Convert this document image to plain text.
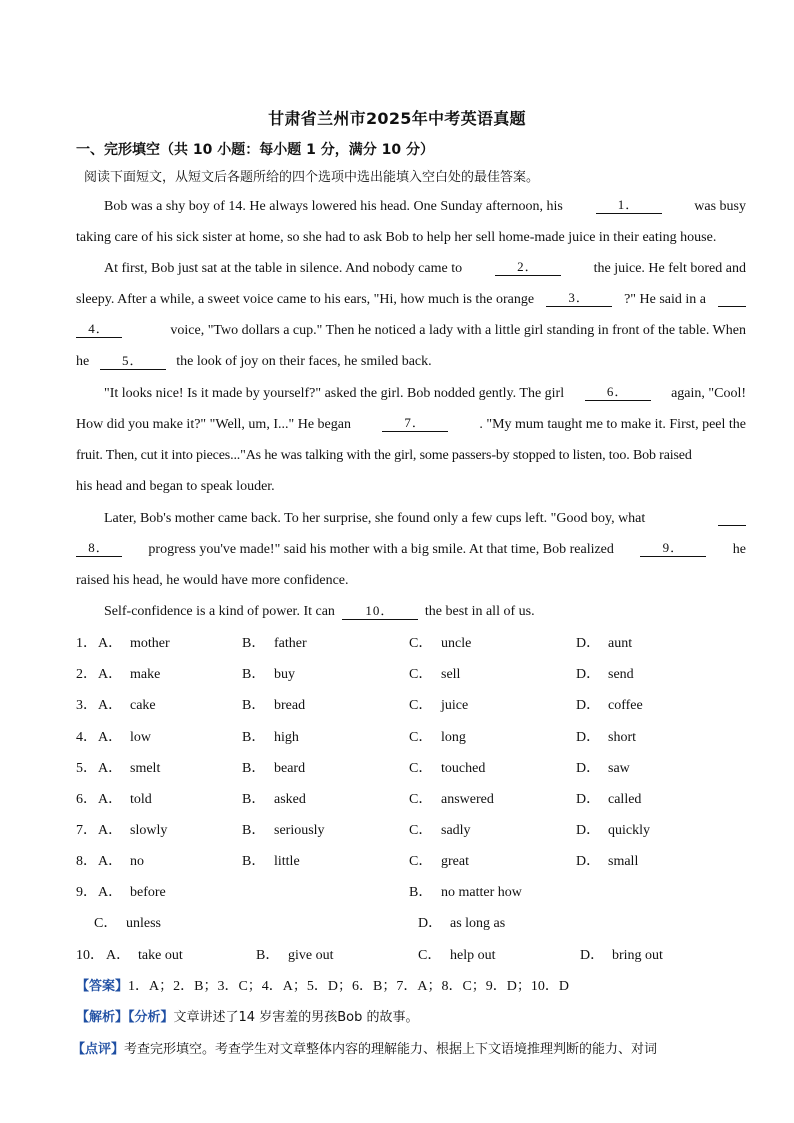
甘肃省兰州市2025年中考英语真题
一、完形填空（共 10 小题：每小题 1 分，满分 10 分）
阅读下面短文，从短文后各题所给的四个选项中选出能填入空白处的最佳答案。
Bob was a shy boy of 14. He always lowered his head. One Sunday afternoon, his	1．	was busy
taking care of his sick sister at home, so she had to ask Bob to help her sell home-made juice in their eating house.
At first, Bob just sat at the table in silence. And nobody came to	2．	the juice. He felt bored and
sleepy. After a while, a sweet voice came to his ears, "Hi, how much is the orange	3．	?" He said in a
4．	voice, "Two dollars a cup." Then he noticed a lady with a little girl standing in front of the table. When
he	5． the look of joy on their faces, he smiled back.
"It looks nice! Is it made by yourself?" asked the girl. Bob nodded gently. The girl	6．	again, "Cool!
How did you make it?" "Well, um, I..." He began	7．	. "My mum taught me to make it. First, peel the
fruit. Then, cut it into pieces..."As he was talking with the girl, some passers-by stopped to listen, too. Bob raised
his head and began to speak louder.
Later, Bob's mother came back. To her surprise, she found only a few cups left. "Good boy, what
8．	progress you've made!" said his mother with a big smile. At that time, Bob realized	9．	he
raised his head, he would have more confidence.
Self-confidence is a kind of power. It can 10． the best in all of us.
1． A． mother	B． father	C． uncle	D． aunt
2． A． make	B． buy	C． sell	D． send
3． A． cake	B． bread	C． juice	D． coffee
4． A． low	B． high	C． long	D． short
5． A． smelt	B． beard	C． touched	D． saw
6． A． told	B． asked	C． answered	D． called
7． A． slowly	B． seriously	C． sadly	D． quickly
8． A． no	B． little	C． great	D． small
9． A． before	B． no matter how
C． unless	D． as long as
10． A． take out	B． give out	C． help out	D． bring out
【答案】1．A；2．B；3．C；4．A；5．D；6．B；7．A；8．C；9．D；10．D
【解析】【分析】文章讲述了14 岁害羞的男孩Bob 的故事。
【点评】考查完形填空。考查学生对文章整体内容的理解能力、根据上下文语境推理判断的能力、对词
